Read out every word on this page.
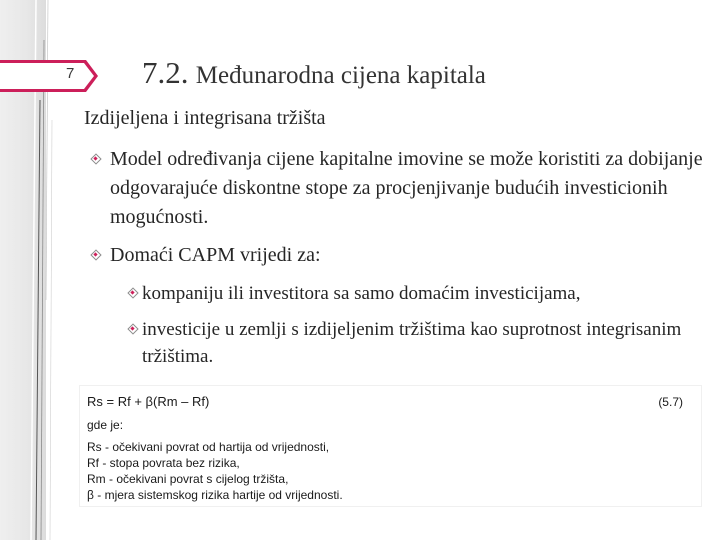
7 7.2. Međunarodna cijena kapitala
Izdijeljena i integrisana tržišta
Model određivanja cijene kapitalne imovine se može koristiti za dobijanje odgovarajuće diskontne stope za procjenjivanje budućih investicionih mogućnosti.
Domaći CAPM vrijedi za:
kompaniju ili investitora sa samo domaćim investicijama,
investicije u zemlji s izdijeljenim tržištima kao suprotnost integrisanim tržištima.
Rs = Rf + β(Rm – Rf)	(5.7)
gde je:
Rs - očekivani povrat od hartija od vrijednosti,
Rf - stopa povrata bez rizika,
Rm - očekivani povrat s cijelog tržišta,
β - mjera sistemskog rizika hartije od vrijednosti.
